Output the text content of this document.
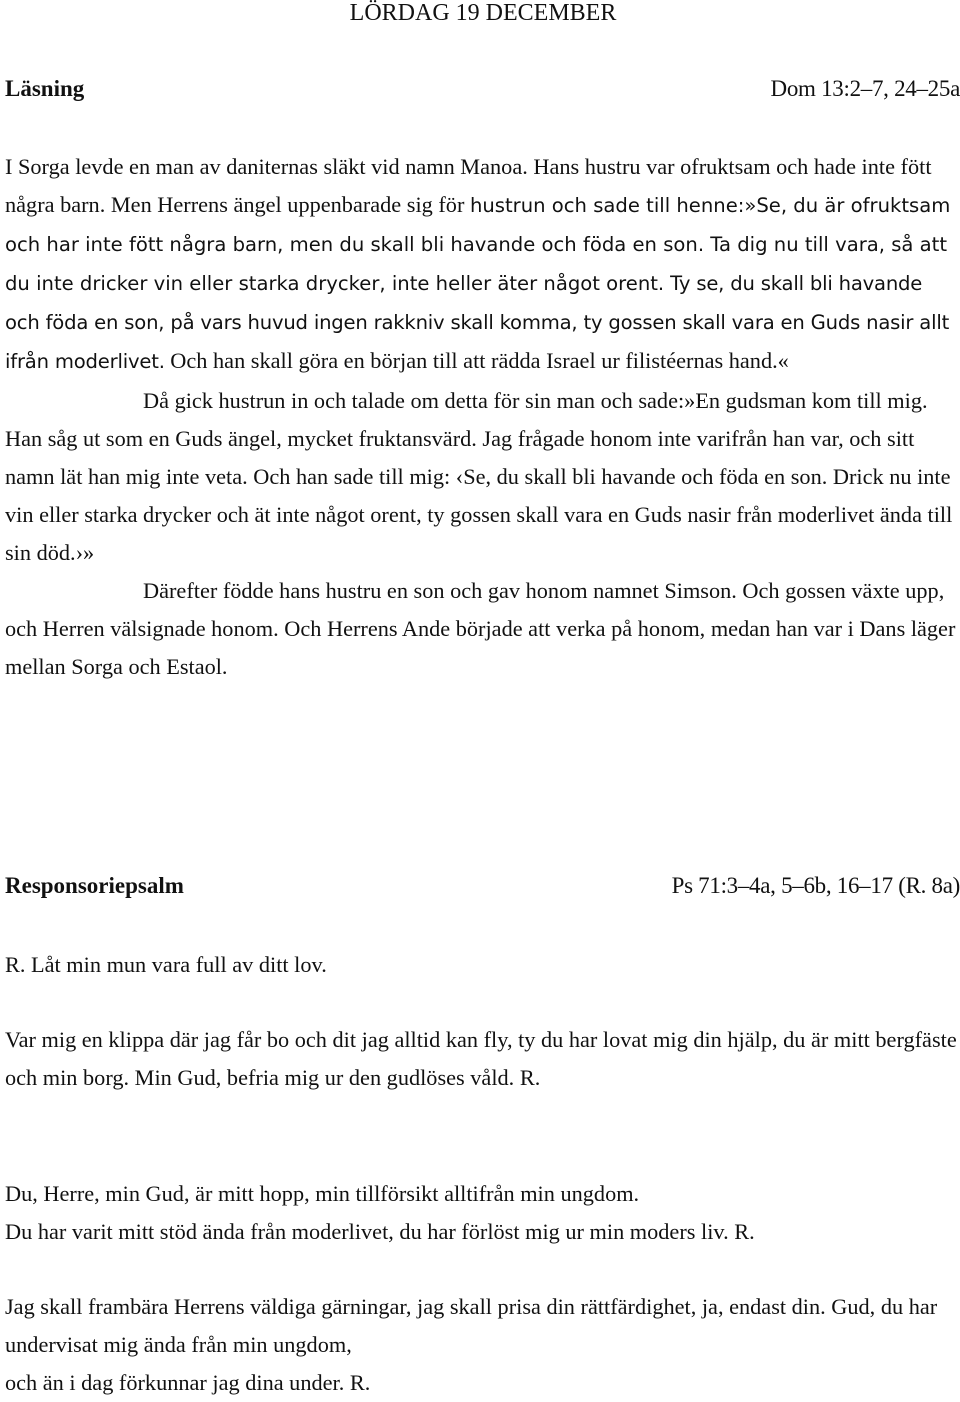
LÖRDAG 19 DECEMBER
Läsning	Dom 13:2–7, 24–25a

I Sorga levde en man av daniternas släkt vid namn Manoa. Hans hustru var ofruktsam och hade inte fött några barn. Men Herrens ängel uppenbarade sig för hustrun och sade till henne:»Se, du är ofruktsam och har inte fött några barn, men du skall bli havande och föda en son. Ta dig nu till vara, så att du inte dricker vin eller starka drycker, inte heller äter något orent. Ty se, du skall bli havande och föda en son, på vars huvud ingen rakkniv skall komma, ty gossen skall vara en Guds nasir allt ifrån moderlivet. Och han skall göra en början till att rädda Israel ur filistéernas hand.«

Då gick hustrun in och talade om detta för sin man och sade:»En gudsman kom till mig. Han såg ut som en Guds ängel, mycket fruktansvärd. Jag frågade honom inte varifrån han var, och sitt namn lät han mig inte veta. Och han sade till mig: ‹Se, du skall bli havande och föda en son. Drick nu inte vin eller starka drycker och ät inte något orent, ty gossen skall vara en Guds nasir från moderlivet ända till sin död.›»

Därefter födde hans hustru en son och gav honom namnet Simson. Och gossen växte upp, och Herren välsignade honom. Och Herrens Ande började att verka på honom, medan han var i Dans läger mellan Sorga och Estaol.

Responsoriepsalm	Ps 71:3–4a, 5–6b, 16–17 (R. 8a)

R. Låt min mun vara full av ditt lov.

Var mig en klippa där jag får bo och dit jag alltid kan fly, ty du har lovat mig din hjälp, du är mitt bergfäste och min borg. Min Gud, befria mig ur den gudlöses våld. R.

Du, Herre, min Gud, är mitt hopp, min tillförsikt alltifrån min ungdom.

Du har varit mitt stöd ända från moderlivet, du har förlöst mig ur min moders liv. R.

Jag skall frambära Herrens väldiga gärningar, jag skall prisa din rättfärdighet, ja, endast din. Gud, du har undervisat mig ända från min ungdom,

och än i dag förkunnar jag dina under. R.
